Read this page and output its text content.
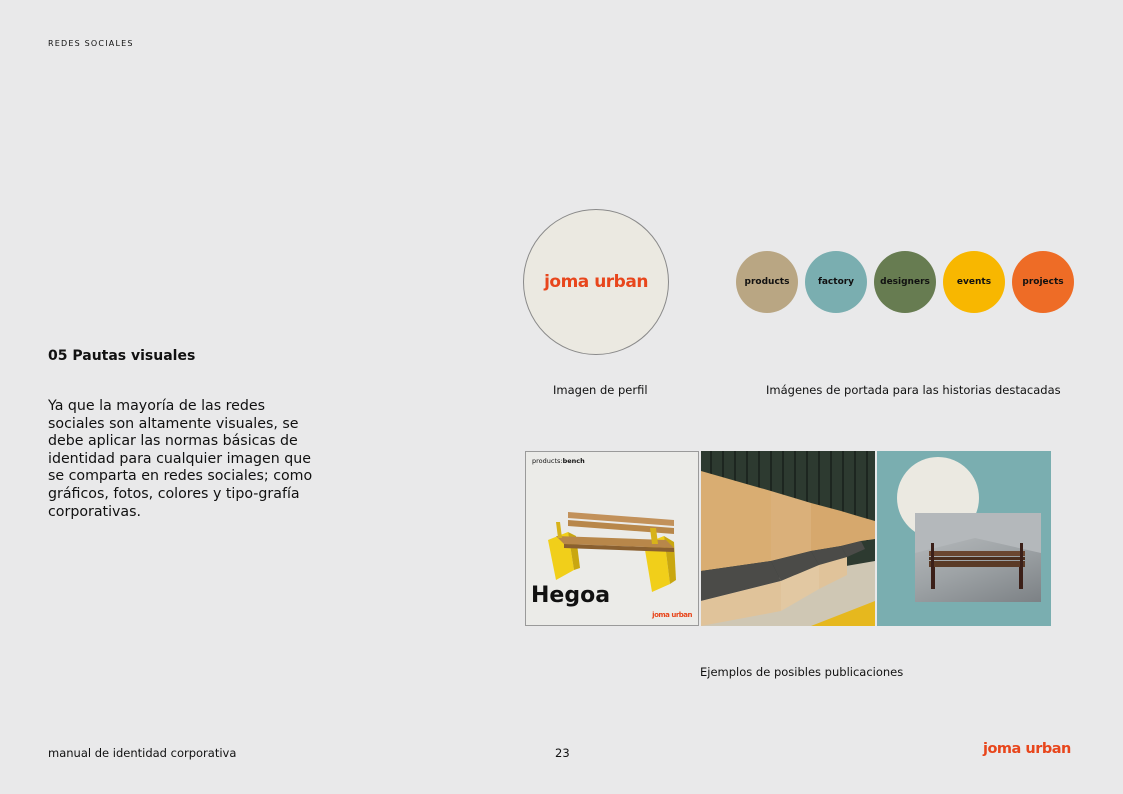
REDES SOCIALES
05 Pautas visuales

Ya que la mayoría de las redes sociales son altamente visuales, se debe aplicar las normas básicas de identidad para cualquier imagen que se comparta en redes sociales; como gráficos, fotos, colores y tipo-grafía corporativas.

joma urban	products	factory	designers	events	projects
Imagen de perfil	Imágenes de portada para las historias destacadas
products:bench
Hegoa
joma urban
Ejemplos de posibles publicaciones
manual de identidad corporativa	23	joma urban
